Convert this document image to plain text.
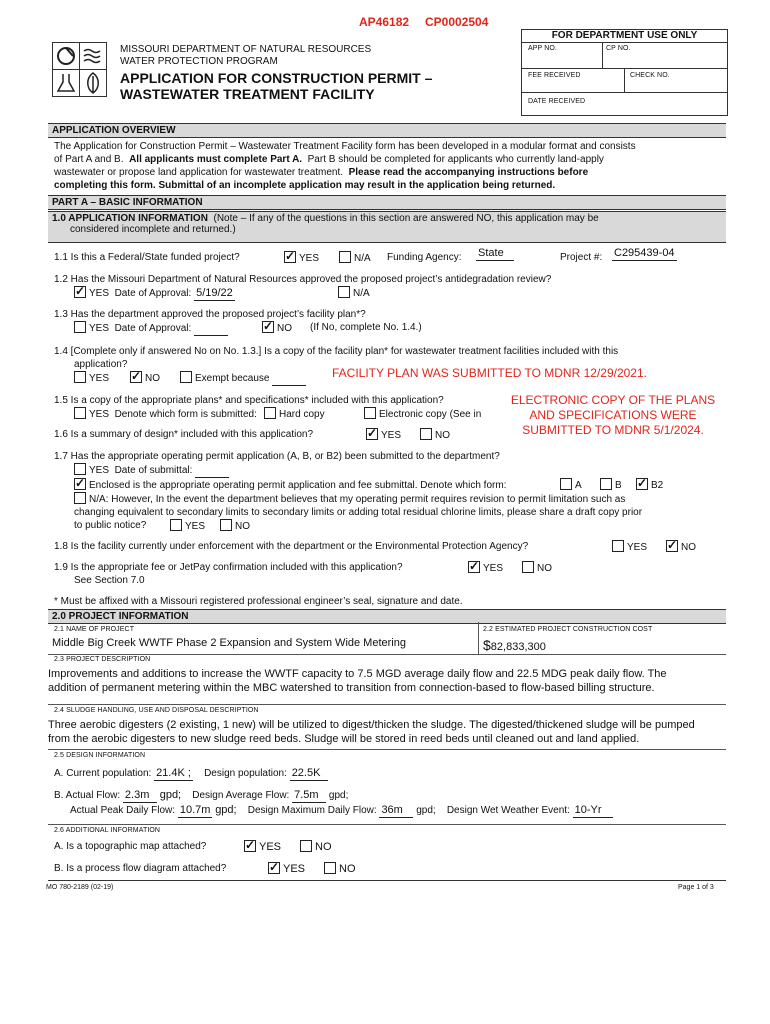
AP46182 CP0002504
MISSOURI DEPARTMENT OF NATURAL RESOURCES
WATER PROTECTION PROGRAM
APPLICATION FOR CONSTRUCTION PERMIT –
WASTEWATER TREATMENT FACILITY
FOR DEPARTMENT USE ONLY
APP NO.	CP NO.
FEE RECEIVED	CHECK NO.
DATE RECEIVED
APPLICATION OVERVIEW
The Application for Construction Permit – Wastewater Treatment Facility form has been developed in a modular format and consists
of Part A and B. All applicants must complete Part A. Part B should be completed for applicants who currently land-apply
wastewater or propose land application for wastewater treatment. Please read the accompanying instructions before
completing this form. Submittal of an incomplete application may result in the application being returned.
PART A – BASIC INFORMATION
1.0 APPLICATION INFORMATION (Note – If any of the questions in this section are answered NO, this application may be
considered incomplete and returned.)
1.1 Is this a Federal/State funded project? ✓	YES	N/A Funding Agency: State	Project #: C295439-04
1.2 Has the Missouri Department of Natural Resources approved the proposed project’s antidegradation review?
✓YES Date of Approval: 5/19/22	N/A
1.3 Has the department approved the proposed project’s facility plan*?
YES Date of Approval: ✓	NO (If No, complete No. 1.4.)
1.4 [Complete only if answered No on No. 1.3.] Is a copy of the facility plan* for wastewater treatment facilities included with this
application?
YES ✓	NO	Exempt because	FACILITY PLAN WAS SUBMITTED TO MDNR 12/29/2021.
1.5 Is a copy of the appropriate plans* and specifications* included with this application?
YES Denote which form is submitted:	Hard copy	Electronic copy (See in
ELECTRONIC COPY OF THE PLANS
AND SPECIFICATIONS WERE
SUBMITTED TO MDNR 5/1/2024.
1.6 Is a summary of design* included with this application? ✓	YES	NO
1.7 Has the appropriate operating permit application (A, B, or B2) been submitted to the department?
YES Date of submittal:
✓Enclosed is the appropriate operating permit application and fee submittal. Denote which form:	A	B ✓	B2
N/A: However, In the event the department believes that my operating permit requires revision to permit limitation such as
changing equivalent to secondary limits to secondary limits or adding total residual chlorine limits, please share a draft copy prior
to public notice?	YES	NO
1.8 Is the facility currently under enforcement with the department or the Environmental Protection Agency?	YES ✓	NO
1.9 Is the appropriate fee or JetPay confirmation included with this application? ✓	YES	NO
See Section 7.0
* Must be affixed with a Missouri registered professional engineer’s seal, signature and date.
2.0 PROJECT INFORMATION
2.1 NAME OF PROJECT	2.2 ESTIMATED PROJECT CONSTRUCTION COST
Middle Big Creek WWTF Phase 2 Expansion and System Wide Metering	$82,833,300
2.3 PROJECT DESCRIPTION
Improvements and additions to increase the WWTF capacity to 7.5 MGD average daily flow and 22.5 MDG peak daily flow. The
addition of permanent metering within the MBC watershed to transition from connection-based to flow-based billing structure.
2.4 SLUDGE HANDLING, USE AND DISPOSAL DESCRIPTION
Three aerobic digesters (2 existing, 1 new) will be utilized to digest/thicken the sludge. The digested/thickened sludge will be pumped
from the aerobic digesters to new sludge reed beds. Sludge will be stored in reed beds until cleaned out and land applied.
2.5 DESIGN INFORMATION
A. Current population: 21.4K ; Design population: 22.5K
B. Actual Flow: 2.3m gpd; Design Average Flow: 7.5m gpd;
Actual Peak Daily Flow: 10.7m gpd; Design Maximum Daily Flow: 36m gpd; Design Wet Weather Event: 10-Yr
2.6 ADDITIONAL INFORMATION
A. Is a topographic map attached? ✓	YES	NO
B. Is a process flow diagram attached? ✓	YES	NO
MO 780-2189 (02-19)	Page 1 of 3
